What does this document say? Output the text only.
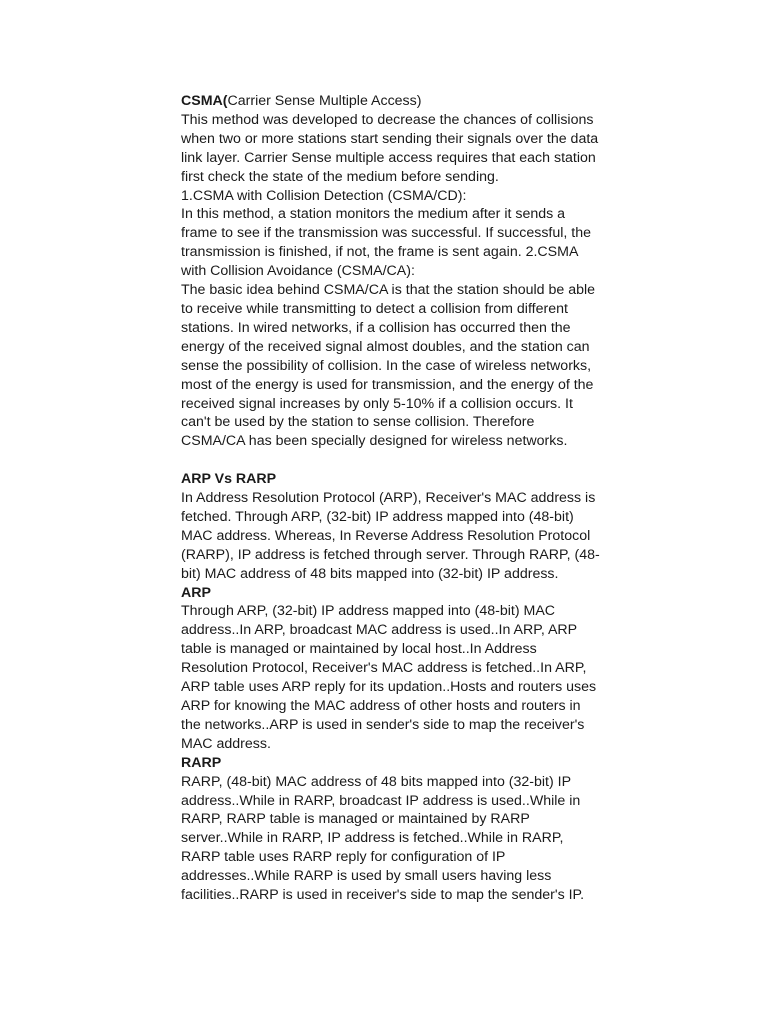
CSMA(Carrier Sense Multiple Access)

This method was developed to decrease the chances of collisions when two or more stations start sending their signals over the data link layer. Carrier Sense multiple access requires that each station first check the state of the medium before sending.

1.CSMA with Collision Detection (CSMA/CD):

In this method, a station monitors the medium after it sends a frame to see if the transmission was successful. If successful, the transmission is finished, if not, the frame is sent again. 2.CSMA with Collision Avoidance (CSMA/CA):

The basic idea behind CSMA/CA is that the station should be able to receive while transmitting to detect a collision from different stations. In wired networks, if a collision has occurred then the energy of the received signal almost doubles, and the station can sense the possibility of collision. In the case of wireless networks, most of the energy is used for transmission, and the energy of the received signal increases by only 5-10% if a collision occurs. It can't be used by the station to sense collision. Therefore CSMA/CA has been specially designed for wireless networks.

ARP Vs RARP

In Address Resolution Protocol (ARP), Receiver's MAC address is fetched. Through ARP, (32-bit) IP address mapped into (48-bit) MAC address. Whereas, In Reverse Address Resolution Protocol (RARP), IP address is fetched through server. Through RARP, (48-bit) MAC address of 48 bits mapped into (32-bit) IP address.

ARP

Through ARP, (32-bit) IP address mapped into (48-bit) MAC address..In ARP, broadcast MAC address is used..In ARP, ARP table is managed or maintained by local host..In Address Resolution Protocol, Receiver's MAC address is fetched..In ARP, ARP table uses ARP reply for its updation..Hosts and routers uses ARP for knowing the MAC address of other hosts and routers in the networks..ARP is used in sender's side to map the receiver's MAC address.

RARP

RARP, (48-bit) MAC address of 48 bits mapped into (32-bit) IP address..While in RARP, broadcast IP address is used..While in RARP, RARP table is managed or maintained by RARP server..While in RARP, IP address is fetched..While in RARP, RARP table uses RARP reply for configuration of IP addresses..While RARP is used by small users having less facilities..RARP is used in receiver's side to map the sender's IP.
